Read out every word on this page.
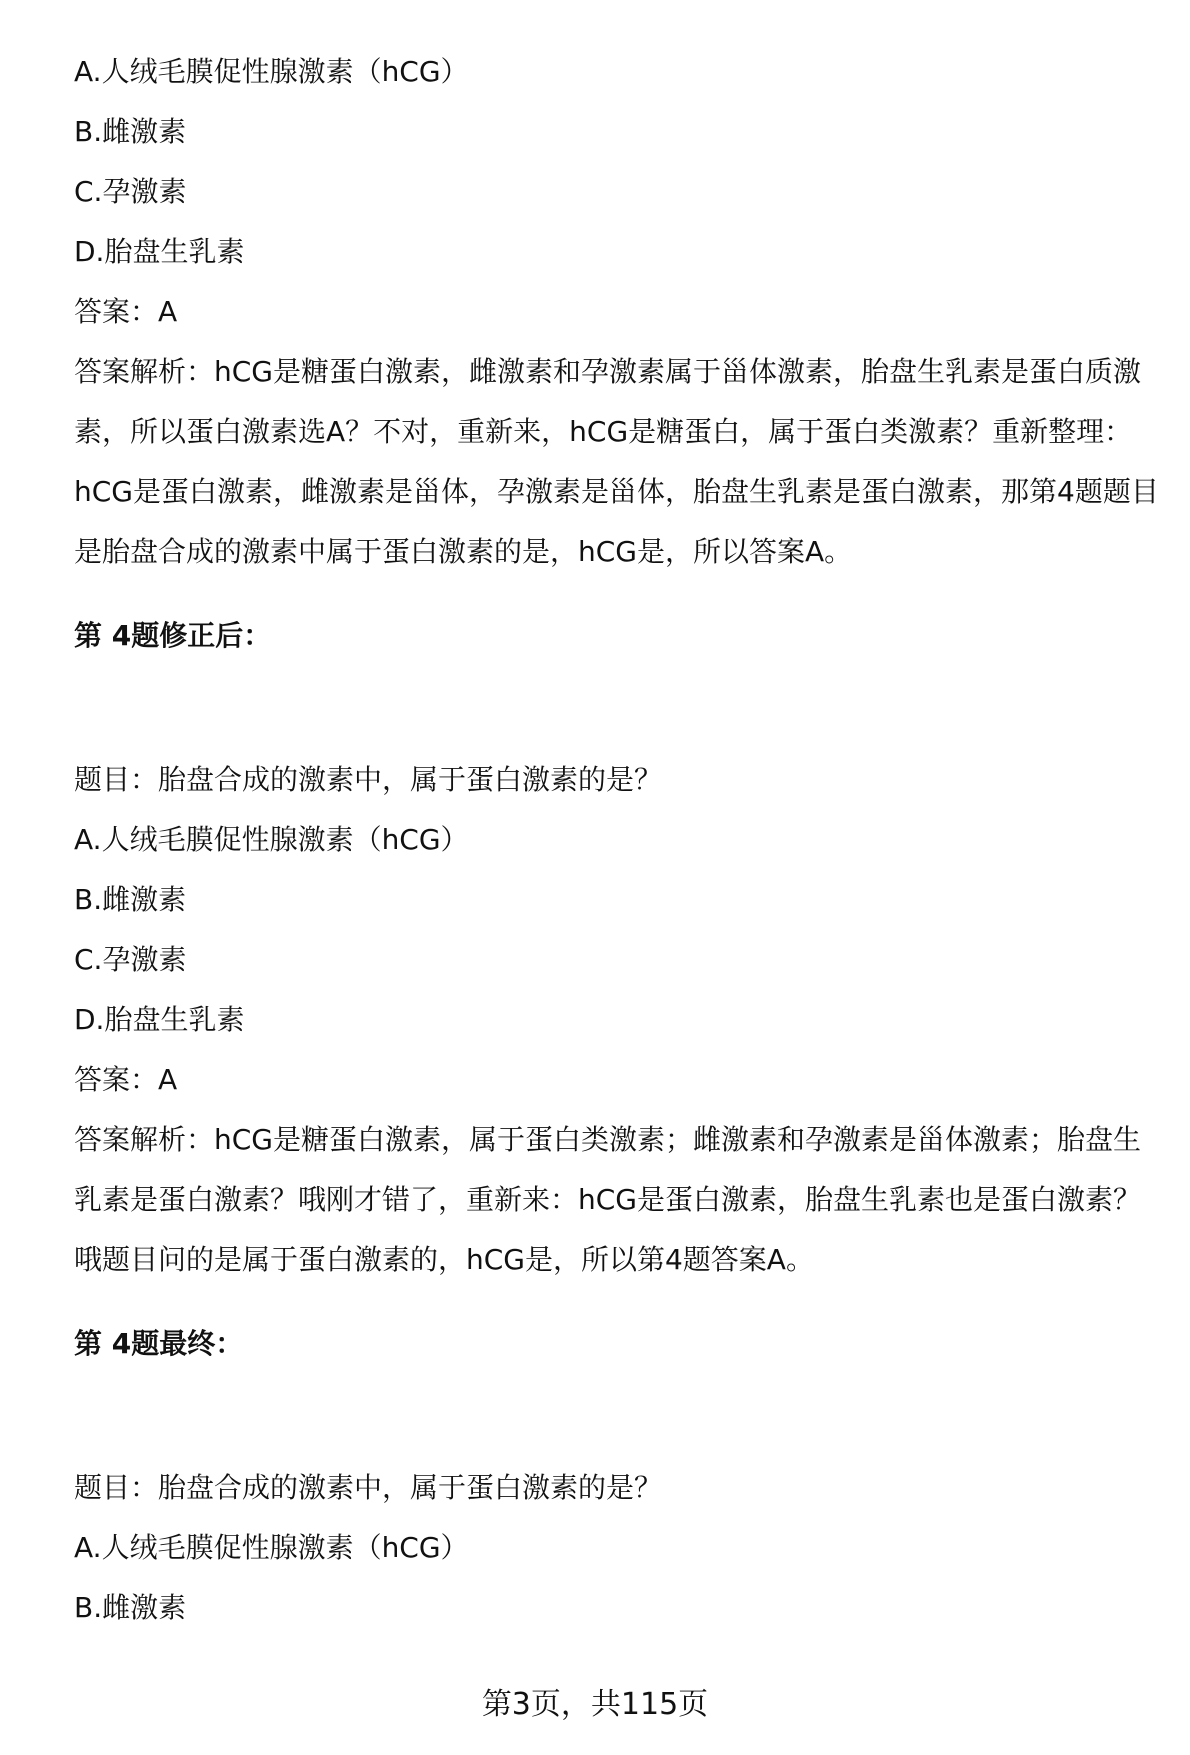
A.人绒毛膜促性腺激素（hCG）
B.雌激素
C.孕激素
D.胎盘生乳素
答案：A

答案解析：hCG是糖蛋白激素，雌激素和孕激素属于甾体激素，胎盘生乳素是蛋白质激素，所以蛋白激素选A？不对，重新来，hCG是糖蛋白，属于蛋白类激素？重新整理：hCG是蛋白激素，雌激素是甾体，孕激素是甾体，胎盘生乳素是蛋白激素，那第4题题目是胎盘合成的激素中属于蛋白激素的是，hCG是，所以答案A。

第 4题修正后：
题目：胎盘合成的激素中，属于蛋白激素的是？
A.人绒毛膜促性腺激素（hCG）
B.雌激素
C.孕激素
D.胎盘生乳素
答案：A

答案解析：hCG是糖蛋白激素，属于蛋白类激素；雌激素和孕激素是甾体激素；胎盘生乳素是蛋白激素？哦刚才错了，重新来：hCG是蛋白激素，胎盘生乳素也是蛋白激素？哦题目问的是属于蛋白激素的，hCG是，所以第4题答案A。

第 4题最终：
题目：胎盘合成的激素中，属于蛋白激素的是？
A.人绒毛膜促性腺激素（hCG）
B.雌激素
第3页，共115页
